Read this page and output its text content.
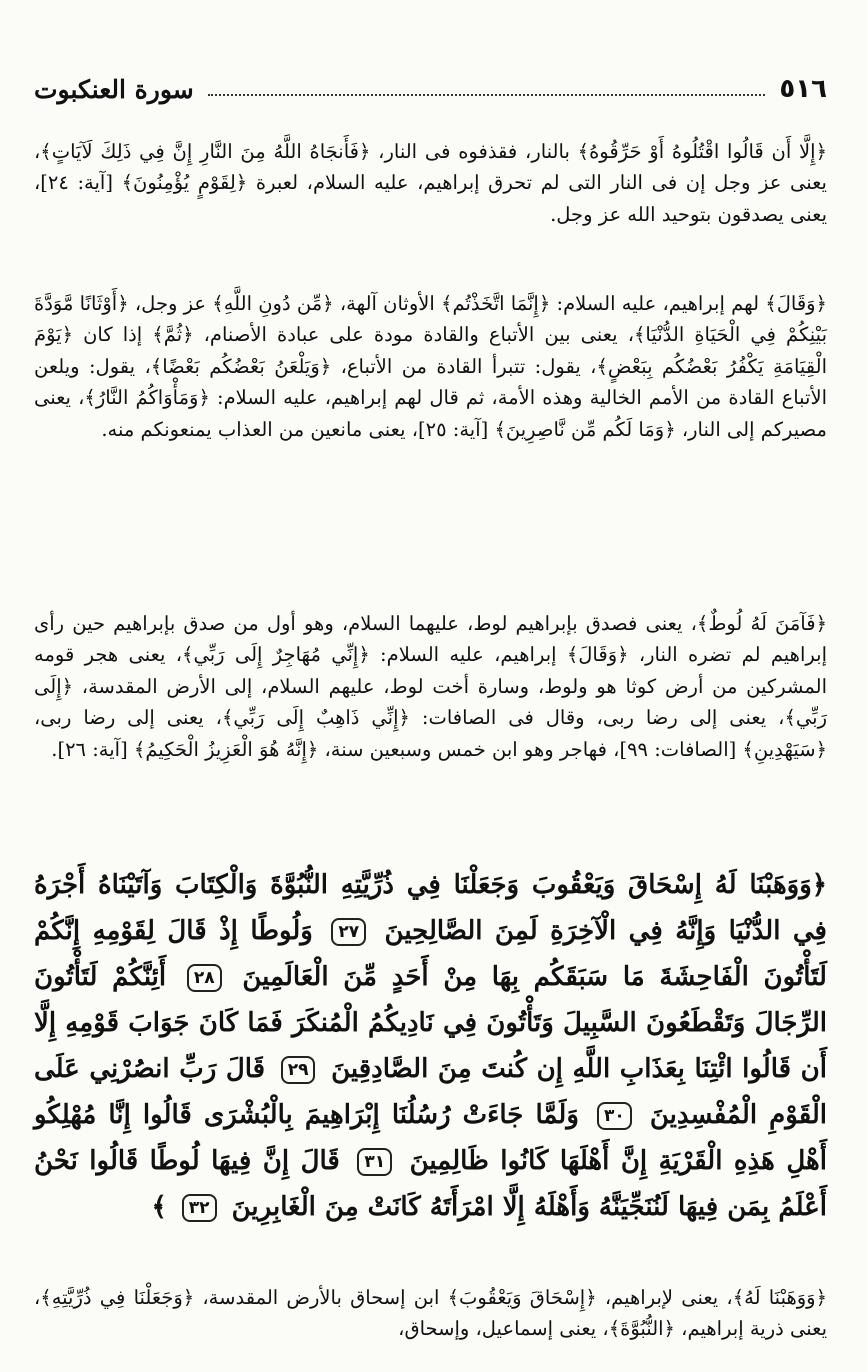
٥١٦
سورة العنكبوت

﴿إِلَّا أَن قَالُوا اقْتُلُوهُ أَوْ حَرِّقُوهُ﴾ بالنار، فقذفوه فى النار، ﴿فَأَنجَاهُ اللَّهُ مِنَ النَّارِ إِنَّ فِي ذَلِكَ لَآيَاتٍ﴾، يعنى عز وجل إن فى النار التى لم تحرق إبراهيم، عليه السلام، لعبرة ﴿لِقَوْمٍ يُؤْمِنُونَ﴾ [آية: ٢٤]، يعنى يصدقون بتوحيد الله عز وجل.

﴿وَقَالَ﴾ لهم إبراهيم، عليه السلام: ﴿إِنَّمَا اتَّخَذْتُم﴾ الأوثان آلهة، ﴿مِّن دُونِ اللَّهِ﴾ عز وجل، ﴿أَوْثَانًا مَّوَدَّةَ بَيْنِكُمْ فِي الْحَيَاةِ الدُّنْيَا﴾، يعنى بين الأتباع والقادة مودة على عبادة الأصنام، ﴿ثُمَّ﴾ إذا كان ﴿يَوْمَ الْقِيَامَةِ يَكْفُرُ بَعْضُكُم بِبَعْضٍ﴾، يقول: تتبرأ القادة من الأتباع، ﴿وَيَلْعَنُ بَعْضُكُم بَعْضًا﴾، يقول: ويلعن الأتباع القادة من الأمم الخالية وهذه الأمة، ثم قال لهم إبراهيم، عليه السلام: ﴿وَمَأْوَاكُمُ النَّارُ﴾، يعنى مصيركم إلى النار، ﴿وَمَا لَكُم مِّن نَّاصِرِينَ﴾ [آية: ٢٥]، يعنى مانعين من العذاب يمنعونكم منه.

﴿فَآمَنَ لَهُ لُوطٌ﴾، يعنى فصدق بإبراهيم لوط، عليهما السلام، وهو أول من صدق بإبراهيم حين رأى إبراهيم لم تضره النار، ﴿وَقَالَ﴾ إبراهيم، عليه السلام: ﴿إِنِّي مُهَاجِرٌ إِلَى رَبِّي﴾، يعنى هجر قومه المشركين من أرض كوثا هو ولوط، وسارة أخت لوط، عليهم السلام، إلى الأرض المقدسة، ﴿إِلَى رَبِّي﴾، يعنى إلى رضا ربى، وقال فى الصافات: ﴿إِنِّي ذَاهِبٌ إِلَى رَبِّي﴾، يعنى إلى رضا ربى، ﴿سَيَهْدِينِ﴾ [الصافات: ٩٩]، فهاجر وهو ابن خمس وسبعين سنة، ﴿إِنَّهُ هُوَ الْعَزِيزُ الْحَكِيمُ﴾ [آية: ٢٦].

﴿وَوَهَبْنَا لَهُ إِسْحَاقَ وَيَعْقُوبَ وَجَعَلْنَا فِي ذُرِّيَّتِهِ النُّبُوَّةَ وَالْكِتَابَ وَآتَيْنَاهُ أَجْرَهُ فِي الدُّنْيَا وَإِنَّهُ فِي الْآخِرَةِ لَمِنَ الصَّالِحِينَ ٢٧ وَلُوطًا إِذْ قَالَ لِقَوْمِهِ إِنَّكُمْ لَتَأْتُونَ الْفَاحِشَةَ مَا سَبَقَكُم بِهَا مِنْ أَحَدٍ مِّنَ الْعَالَمِينَ ٢٨ أَئِنَّكُمْ لَتَأْتُونَ الرِّجَالَ وَتَقْطَعُونَ السَّبِيلَ وَتَأْتُونَ فِي نَادِيكُمُ الْمُنكَرَ فَمَا كَانَ جَوَابَ قَوْمِهِ إِلَّا أَن قَالُوا ائْتِنَا بِعَذَابِ اللَّهِ إِن كُنتَ مِنَ الصَّادِقِينَ ٢٩ قَالَ رَبِّ انصُرْنِي عَلَى الْقَوْمِ الْمُفْسِدِينَ ٣٠ وَلَمَّا جَاءَتْ رُسُلُنَا إِبْرَاهِيمَ بِالْبُشْرَى قَالُوا إِنَّا مُهْلِكُو أَهْلِ هَذِهِ الْقَرْيَةِ إِنَّ أَهْلَهَا كَانُوا ظَالِمِينَ ٣١ قَالَ إِنَّ فِيهَا لُوطًا قَالُوا نَحْنُ أَعْلَمُ بِمَن فِيهَا لَنُنَجِّيَنَّهُ وَأَهْلَهُ إِلَّا امْرَأَتَهُ كَانَتْ مِنَ الْغَابِرِينَ ٣٢ ﴾

﴿وَوَهَبْنَا لَهُ﴾، يعنى لإبراهيم، ﴿إِسْحَاقَ وَيَعْقُوبَ﴾ ابن إسحاق بالأرض المقدسة، ﴿وَجَعَلْنَا فِي ذُرِّيَّتِهِ﴾، يعنى ذرية إبراهيم، ﴿النُّبُوَّةَ﴾، يعنى إسماعيل، وإسحاق،
